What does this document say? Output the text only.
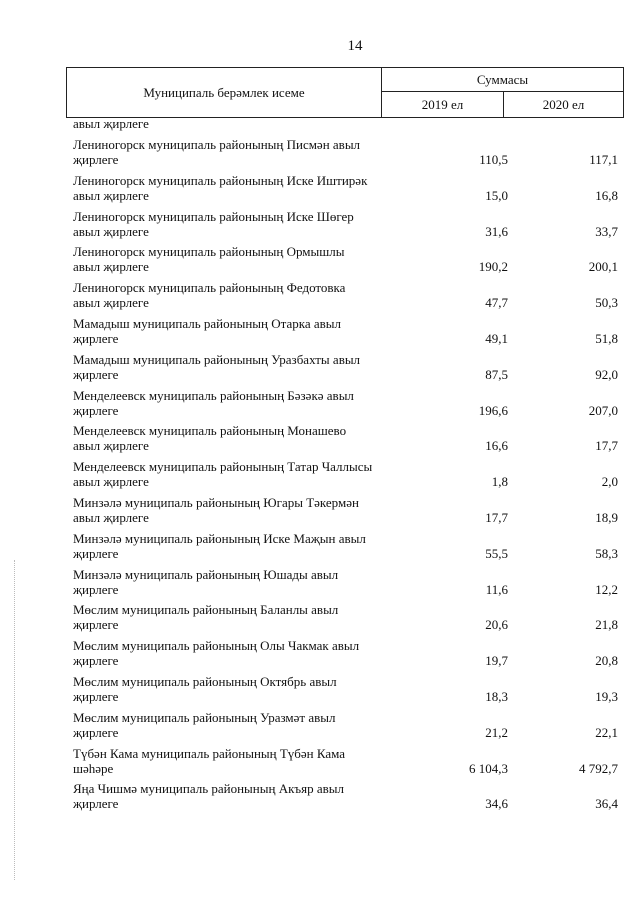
14
Муниципаль берәмлек исеме
Суммасы
2019 ел	2020 ел
авыл җирлеге
Лениногорск муниципаль районының Писмән авыл җирлеге	110,5	117,1
Лениногорск муниципаль районының Иске Иштирәк авыл җирлеге	15,0	16,8
Лениногорск муниципаль районының Иске Шөгер авыл җирлеге	31,6	33,7
Лениногорск муниципаль районының Ормышлы авыл җирлеге	190,2	200,1
Лениногорск муниципаль районының Федотовка авыл җирлеге	47,7	50,3
Мамадыш муниципаль районының Отарка авыл җирлеге	49,1	51,8
Мамадыш муниципаль районының Уразбахты авыл җирлеге	87,5	92,0
Менделеевск муниципаль районының Бәзәкә авыл җирлеге	196,6	207,0
Менделеевск муниципаль районының Монашево авыл җирлеге	16,6	17,7
Менделеевск муниципаль районының Татар Чаллысы авыл җирлеге	1,8	2,0
Минзәлә муниципаль районының Югары Тәкермән авыл җирлеге	17,7	18,9
Минзәлә муниципаль районының Иске Маҗын авыл җирлеге	55,5	58,3
Минзәлә муниципаль районының Юшады авыл җирлеге	11,6	12,2
Мөслим муниципаль районының Баланлы авыл җирлеге	20,6	21,8
Мөслим муниципаль районының Олы Чакмак авыл җирлеге	19,7	20,8
Мөслим муниципаль районының Октябрь авыл җирлеге	18,3	19,3
Мөслим муниципаль районының Уразмәт авыл җирлеге	21,2	22,1
Түбән Кама муниципаль районының Түбән Кама шәһәре	6 104,3	4 792,7
Яңа Чишмә муниципаль районының Акъяр авыл җирлеге	34,6	36,4
